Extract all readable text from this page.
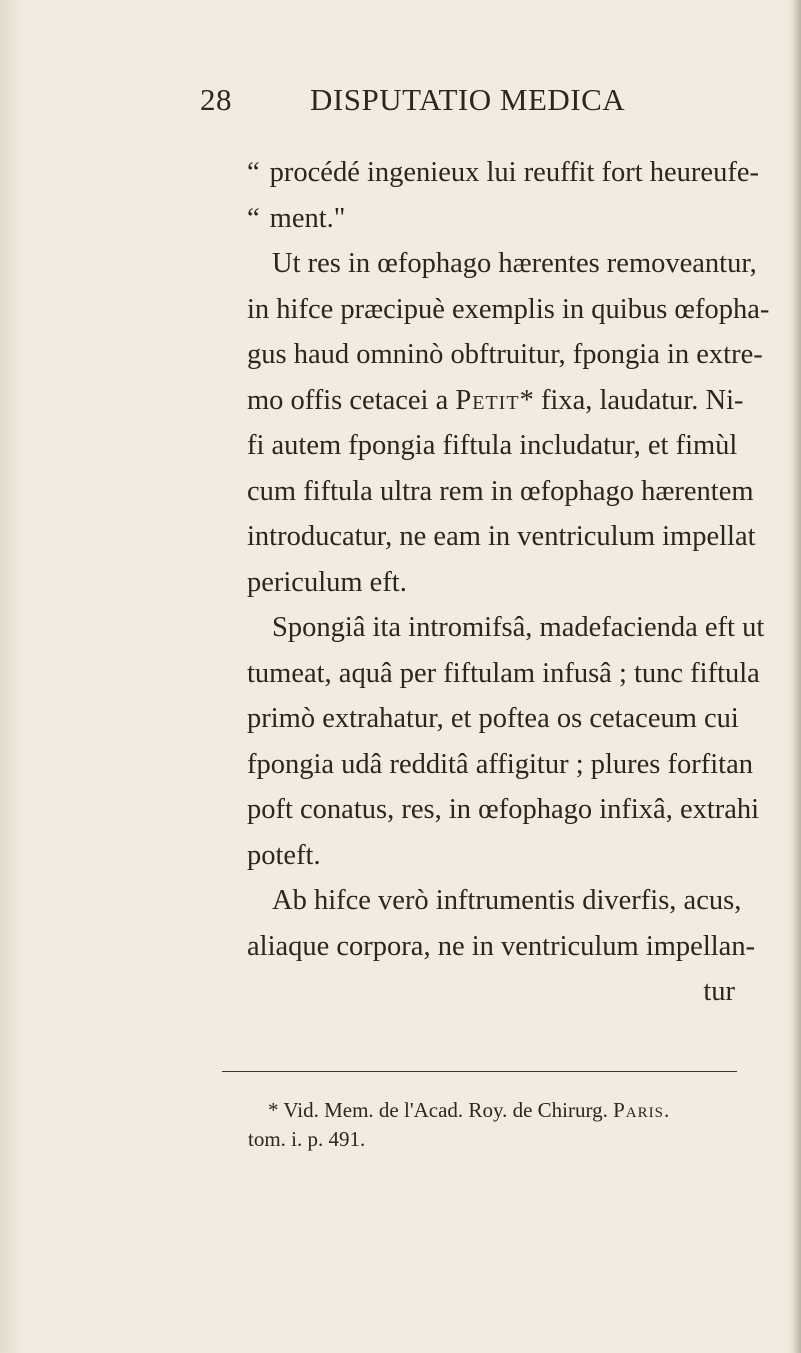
28	DISPUTATIO MEDICA
“ procédé ingenieux lui reuffit fort heureufe-
“ ment."
Ut res in œfophago hærentes removeantur,
in hifce præcipuè exemplis in quibus œfopha-
gus haud omninò obftruitur, fpongia in extre-
mo offis cetacei a Petit* fixa, laudatur. Ni-
fi autem fpongia fiftula includatur, et fimùl
cum fiftula ultra rem in œfophago hærentem
introducatur, ne eam in ventriculum impellat
periculum eft.
Spongiâ ita intromifsâ, madefacienda eft ut
tumeat, aquâ per fiftulam infusâ ; tunc fiftula
primò extrahatur, et poftea os cetaceum cui
fpongia udâ redditâ affigitur ; plures forfitan
poft conatus, res, in œfophago infixâ, extrahi
poteft.
Ab hifce verò inftrumentis diverfis, acus,
aliaque corpora, ne in ventriculum impellan-
tur
* Vid. Mem. de l'Acad. Roy. de Chirurg. Paris.
tom. i. p. 491.
